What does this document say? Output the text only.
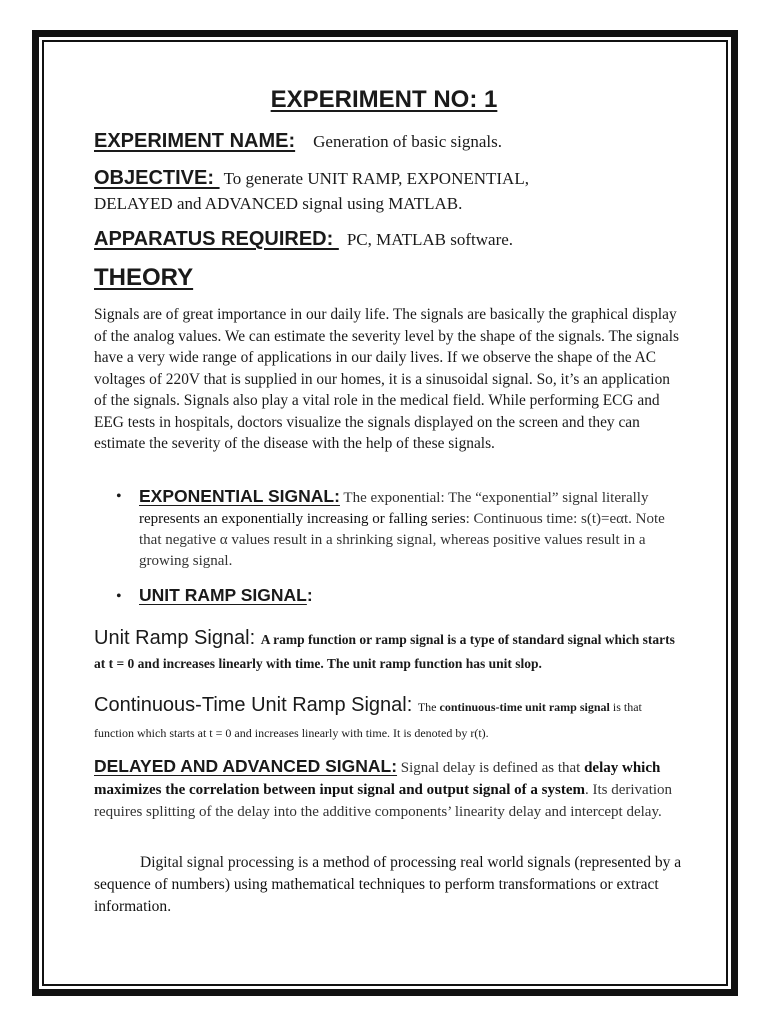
EXPERIMENT NO: 1
EXPERIMENT NAME: Generation of basic signals.
OBJECTIVE:  To generate UNIT RAMP, EXPONENTIAL,
DELAYED and ADVANCED signal using MATLAB.
APPARATUS REQUIRED:  PC, MATLAB software.
THEORY
Signals are of great importance in our daily life. The signals are basically the graphical display of the analog values. We can estimate the severity level by the shape of the signals. The signals have a very wide range of applications in our daily lives. If we observe the shape of the AC voltages of 220V that is supplied in our homes, it is a sinusoidal signal. So, it’s an application of the signals. Signals also play a vital role in the medical field. While performing ECG and EEG tests in hospitals, doctors visualize the signals displayed on the screen and they can estimate the severity of the disease with the help of these signals.
• EXPONENTIAL SIGNAL: The exponential: The “exponential” signal literally represents an exponentially increasing or falling series: Continuous time: s(t)=eαt. Note that negative α values result in a shrinking signal, whereas positive values result in a growing signal.
• UNIT RAMP SIGNAL:
Unit Ramp Signal: A ramp function or ramp signal is a type of standard signal which starts at t = 0 and increases linearly with time. The unit ramp function has unit slop.
Continuous-Time Unit Ramp Signal: The continuous-time unit ramp signal is that function which starts at t = 0 and increases linearly with time. It is denoted by r(t).
DELAYED AND ADVANCED SIGNAL: Signal delay is defined as that delay which maximizes the correlation between input signal and output signal of a system. Its derivation requires splitting of the delay into the additive components’ linearity delay and intercept delay.
Digital signal processing is a method of processing real world signals (represented by a sequence of numbers) using mathematical techniques to perform transformations or extract information.
